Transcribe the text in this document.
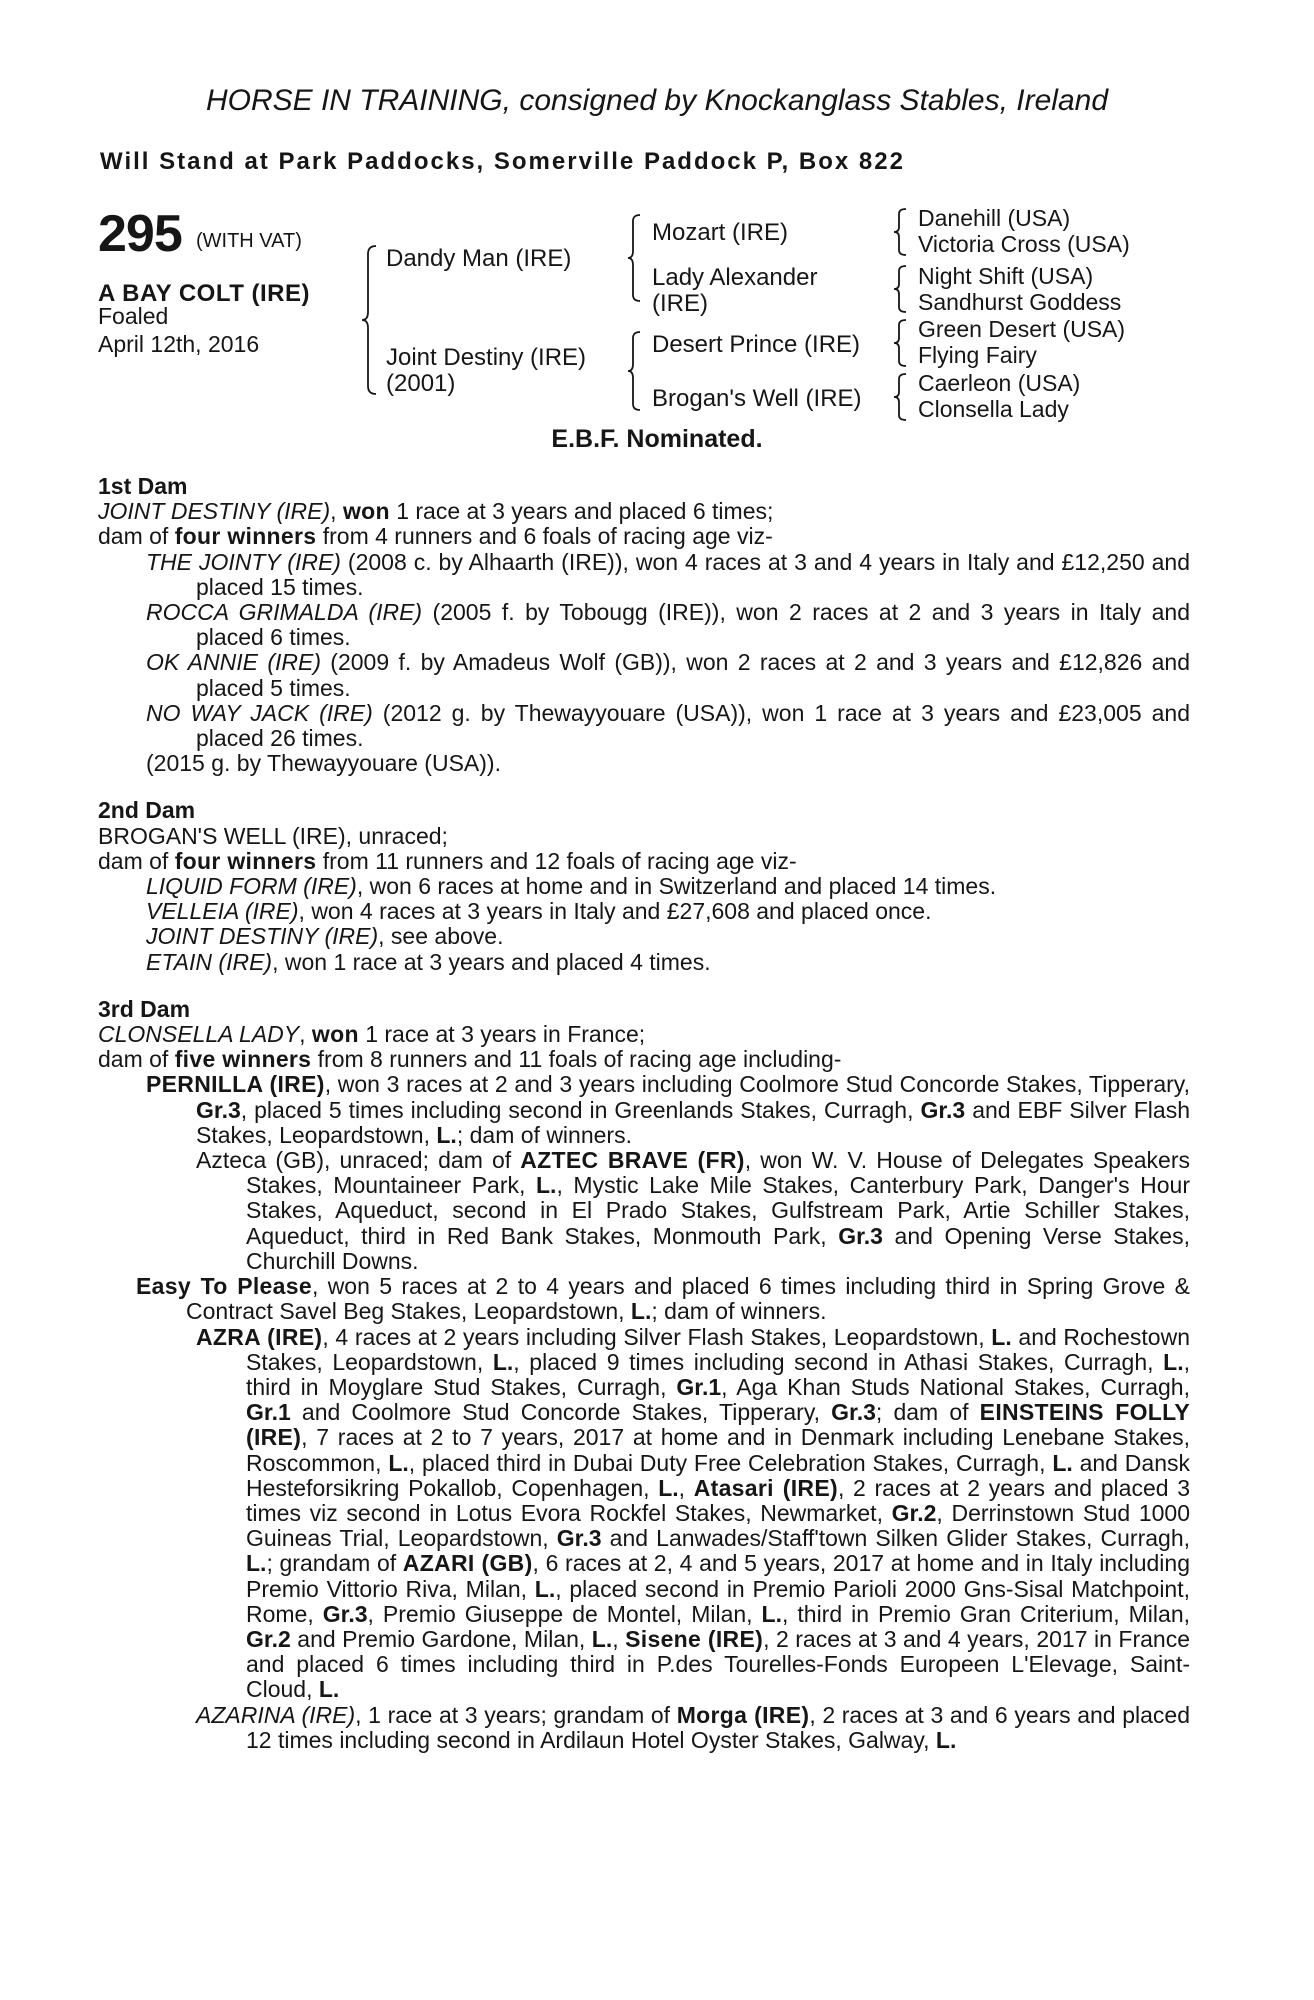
HORSE IN TRAINING, consigned by Knockanglass Stables, Ireland
Will Stand at Park Paddocks, Somerville Paddock P, Box 822
295 (WITH VAT)
A BAY COLT (IRE)
Foaled
April 12th, 2016
Dandy Man (IRE)
Joint Destiny (IRE)
(2001)
Mozart (IRE)
Lady Alexander
(IRE)
Desert Prince (IRE)
Brogan's Well (IRE)
Danehill (USA)
Victoria Cross (USA)
Night Shift (USA)
Sandhurst Goddess
Green Desert (USA)
Flying Fairy
Caerleon (USA)
Clonsella Lady
E.B.F. Nominated.
1st Dam

JOINT DESTINY (IRE), won 1 race at 3 years and placed 6 times;

dam of four winners from 4 runners and 6 foals of racing age viz-

THE JOINTY (IRE) (2008 c. by Alhaarth (IRE)), won 4 races at 3 and 4 years in Italy and £12,250 and placed 15 times.

ROCCA GRIMALDA (IRE) (2005 f. by Tobougg (IRE)), won 2 races at 2 and 3 years in Italy and placed 6 times.

OK ANNIE (IRE) (2009 f. by Amadeus Wolf (GB)), won 2 races at 2 and 3 years and £12,826 and placed 5 times.

NO WAY JACK (IRE) (2012 g. by Thewayyouare (USA)), won 1 race at 3 years and £23,005 and placed 26 times.

(2015 g. by Thewayyouare (USA)).

2nd Dam

BROGAN'S WELL (IRE), unraced;

dam of four winners from 11 runners and 12 foals of racing age viz-

LIQUID FORM (IRE), won 6 races at home and in Switzerland and placed 14 times.

VELLEIA (IRE), won 4 races at 3 years in Italy and £27,608 and placed once.

JOINT DESTINY (IRE), see above.

ETAIN (IRE), won 1 race at 3 years and placed 4 times.

3rd Dam

CLONSELLA LADY, won 1 race at 3 years in France;

dam of five winners from 8 runners and 11 foals of racing age including-

PERNILLA (IRE), won 3 races at 2 and 3 years including Coolmore Stud Concorde Stakes, Tipperary, Gr.3, placed 5 times including second in Greenlands Stakes, Curragh, Gr.3 and EBF Silver Flash Stakes, Leopardstown, L.; dam of winners.

Azteca (GB), unraced; dam of AZTEC BRAVE (FR), won W. V. House of Delegates Speakers Stakes, Mountaineer Park, L., Mystic Lake Mile Stakes, Canterbury Park, Danger's Hour Stakes, Aqueduct, second in El Prado Stakes, Gulfstream Park, Artie Schiller Stakes, Aqueduct, third in Red Bank Stakes, Monmouth Park, Gr.3 and Opening Verse Stakes, Churchill Downs.

Easy To Please, won 5 races at 2 to 4 years and placed 6 times including third in Spring Grove & Contract Savel Beg Stakes, Leopardstown, L.; dam of winners.

AZRA (IRE), 4 races at 2 years including Silver Flash Stakes, Leopardstown, L. and Rochestown Stakes, Leopardstown, L., placed 9 times including second in Athasi Stakes, Curragh, L., third in Moyglare Stud Stakes, Curragh, Gr.1, Aga Khan Studs National Stakes, Curragh, Gr.1 and Coolmore Stud Concorde Stakes, Tipperary, Gr.3; dam of EINSTEINS FOLLY (IRE), 7 races at 2 to 7 years, 2017 at home and in Denmark including Lenebane Stakes, Roscommon, L., placed third in Dubai Duty Free Celebration Stakes, Curragh, L. and Dansk Hesteforsikring Pokallob, Copenhagen, L., Atasari (IRE), 2 races at 2 years and placed 3 times viz second in Lotus Evora Rockfel Stakes, Newmarket, Gr.2, Derrinstown Stud 1000 Guineas Trial, Leopardstown, Gr.3 and Lanwades/Staff'town Silken Glider Stakes, Curragh, L.; grandam of AZARI (GB), 6 races at 2, 4 and 5 years, 2017 at home and in Italy including Premio Vittorio Riva, Milan, L., placed second in Premio Parioli 2000 Gns-Sisal Matchpoint, Rome, Gr.3, Premio Giuseppe de Montel, Milan, L., third in Premio Gran Criterium, Milan, Gr.2 and Premio Gardone, Milan, L., Sisene (IRE), 2 races at 3 and 4 years, 2017 in France and placed 6 times including third in P.des Tourelles-Fonds Europeen L'Elevage, Saint-Cloud, L.

AZARINA (IRE), 1 race at 3 years; grandam of Morga (IRE), 2 races at 3 and 6 years and placed 12 times including second in Ardilaun Hotel Oyster Stakes, Galway, L.
